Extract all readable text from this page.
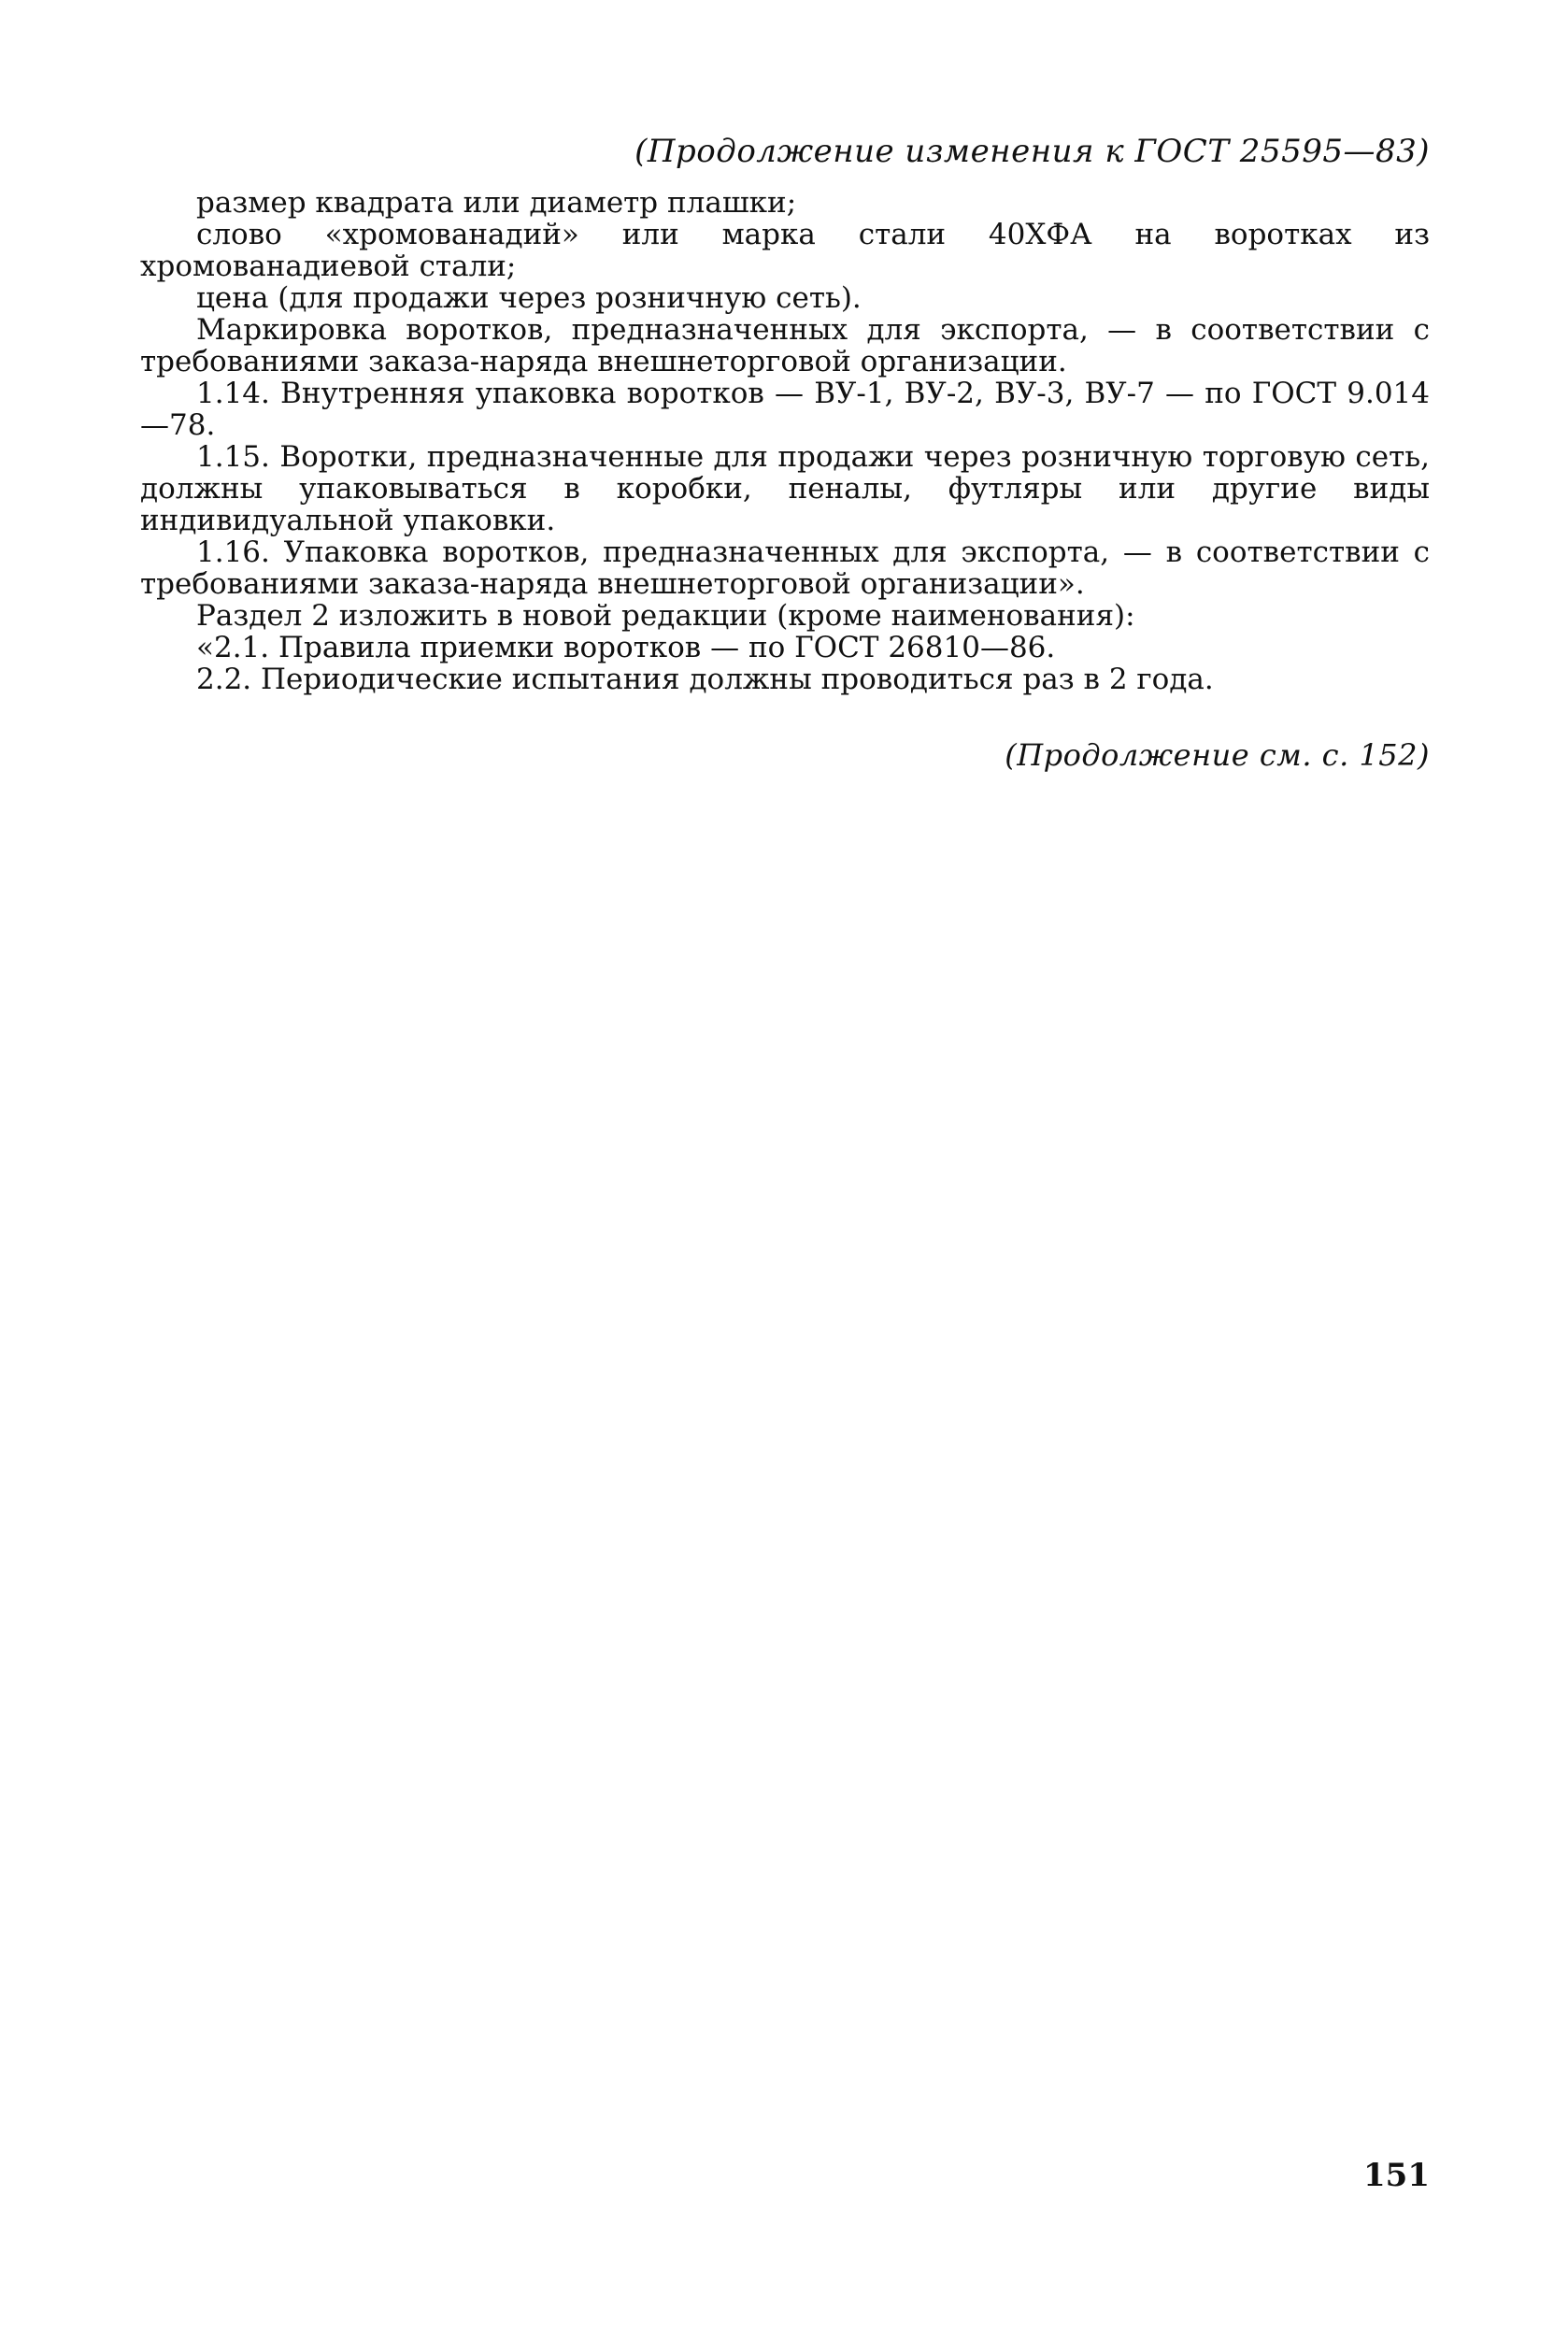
(Продолжение изменения к ГОСТ 25595—83)

размер квадрата или диаметр плашки;

слово «хромованадий» или марка стали 40ХФА на воротках из хромованадиевой стали;

цена (для продажи через розничную сеть).

Маркировка воротков, предназначенных для экспорта, — в соответствии с требованиями заказа-наряда внешнеторговой организации.

1.14. Внутренняя упаковка воротков — ВУ-1, ВУ-2, ВУ-3, ВУ-7 — по ГОСТ 9.014—78.

1.15. Воротки, предназначенные для продажи через розничную торговую сеть, должны упаковываться в коробки, пеналы, футляры или другие виды индивидуальной упаковки.

1.16. Упаковка воротков, предназначенных для экспорта, — в соответствии с требованиями заказа-наряда внешнеторговой организации».

Раздел 2 изложить в новой редакции (кроме наименования):

«2.1. Правила приемки воротков — по ГОСТ 26810—86.

2.2. Периодические испытания должны проводиться раз в 2 года.

(Продолжение см. с. 152)
151
